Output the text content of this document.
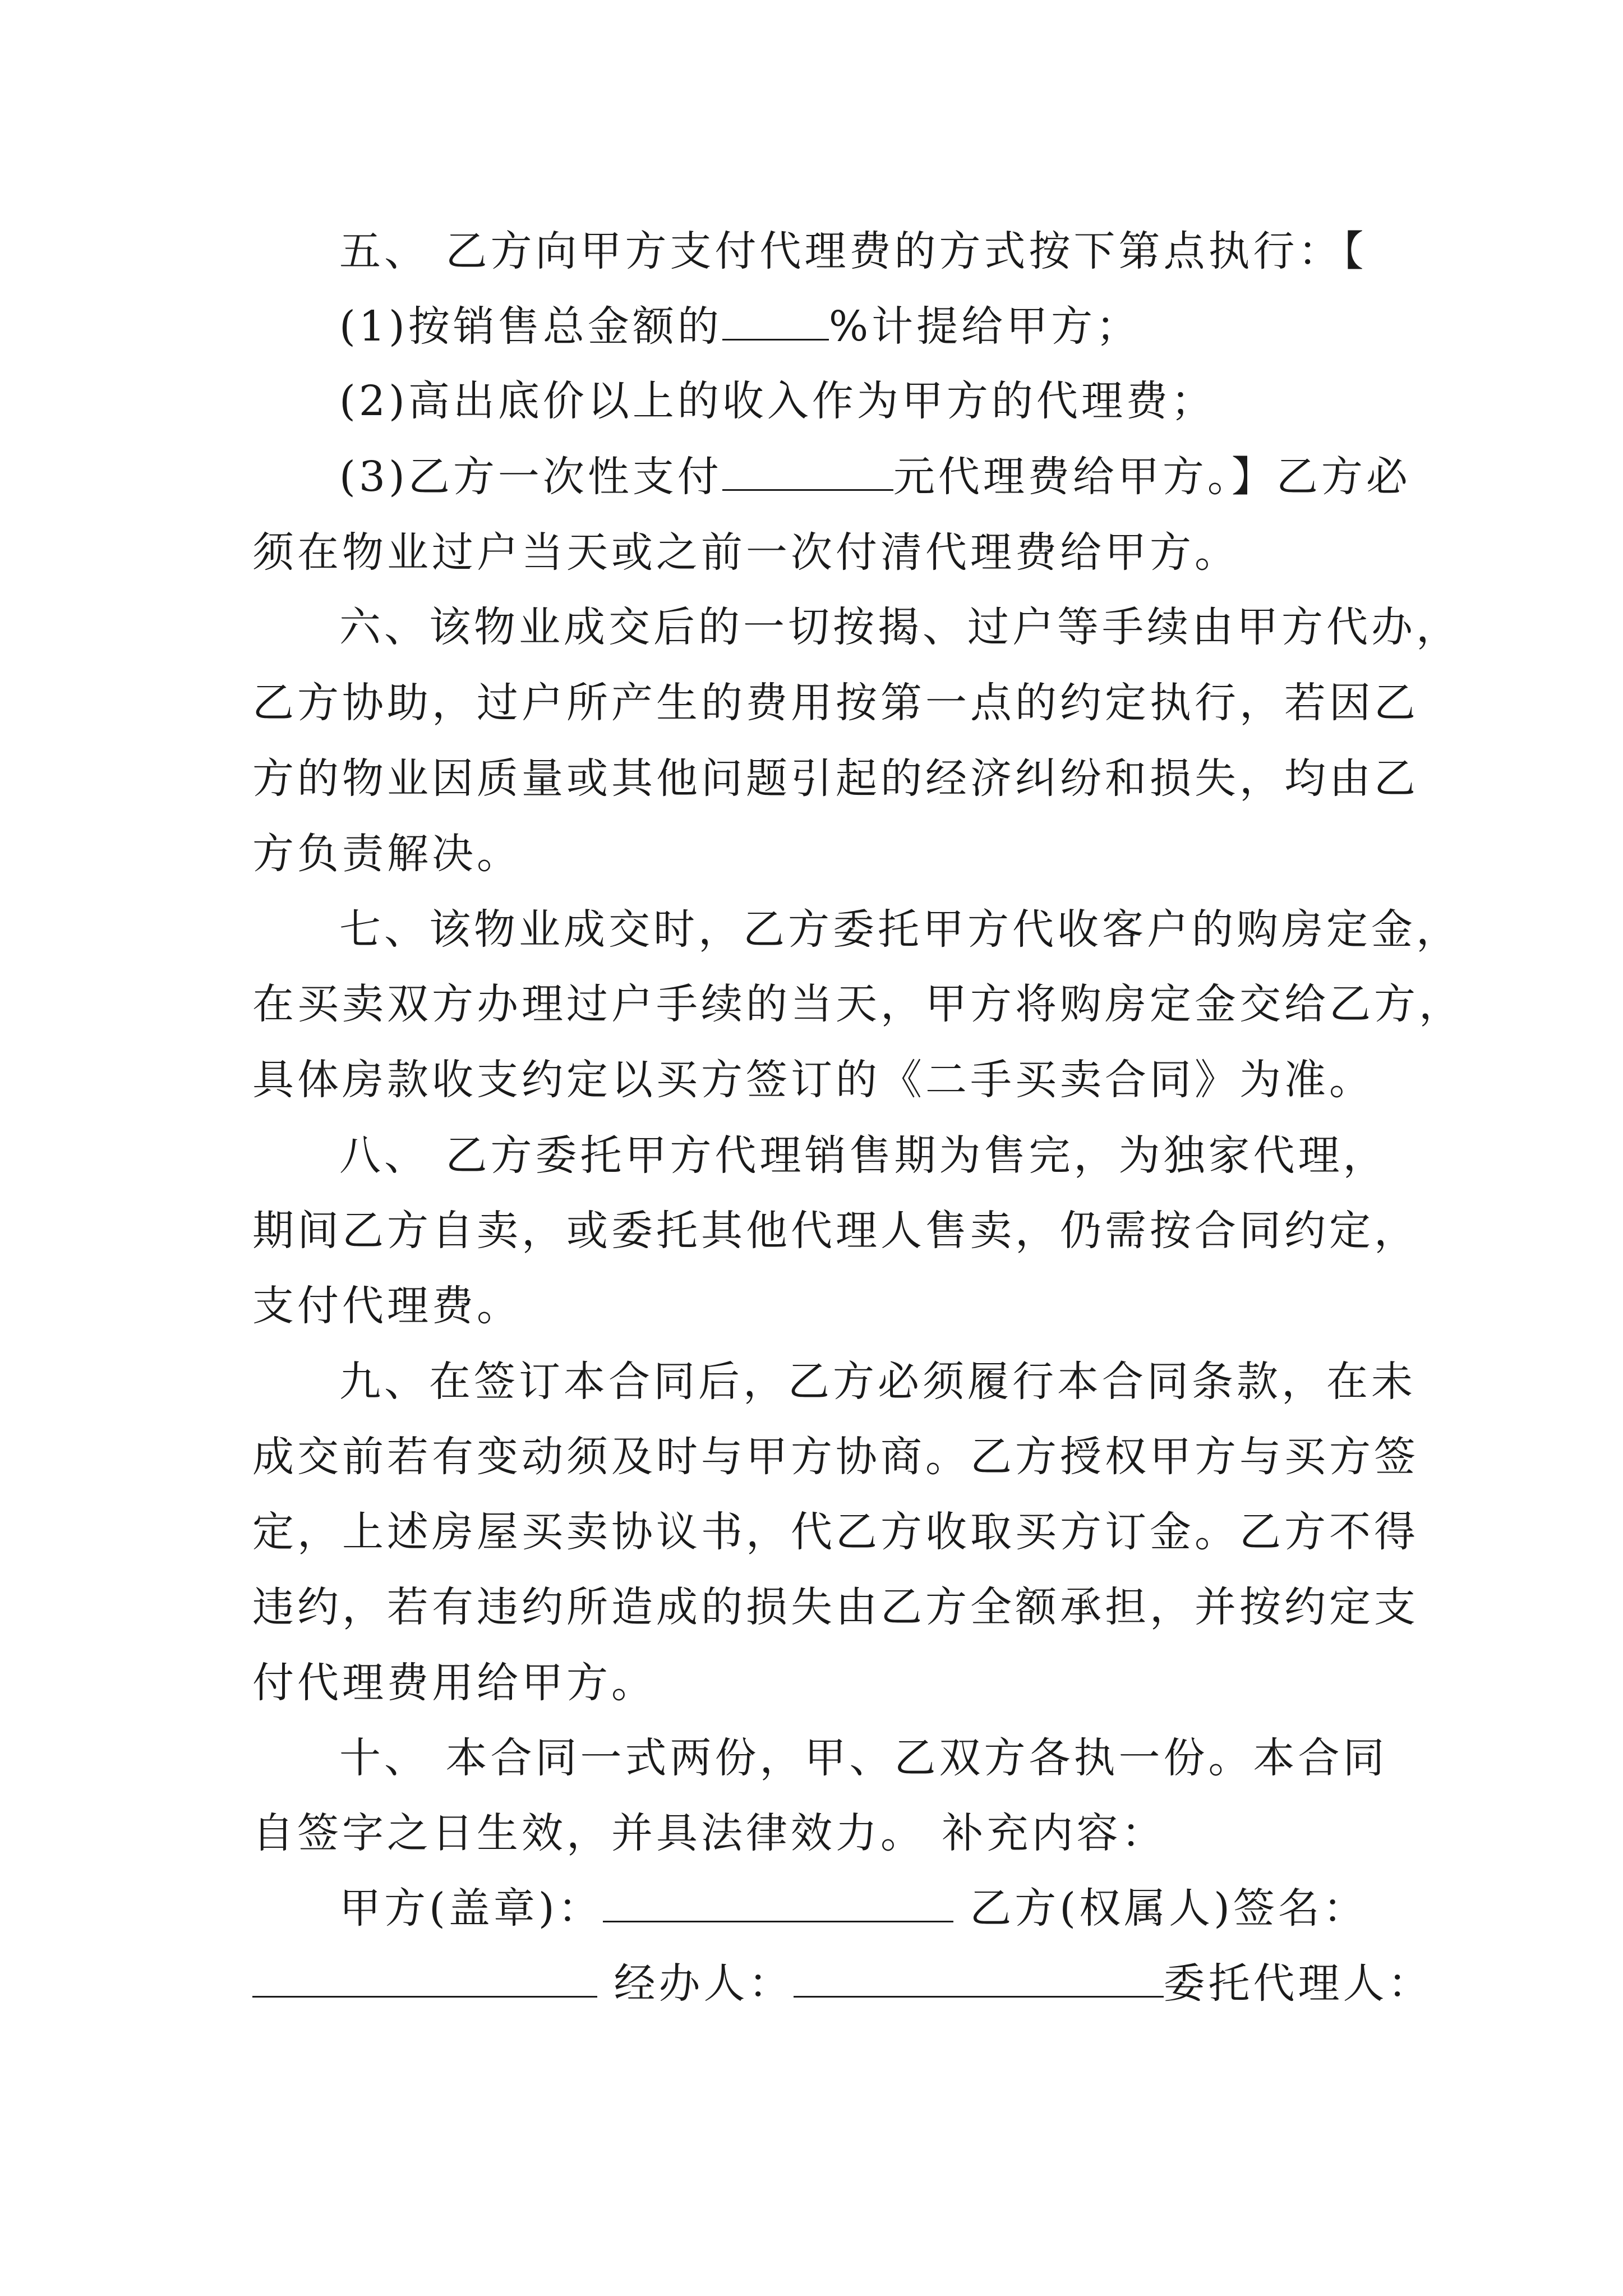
五、 乙方向甲方支付代理费的方式按下第点执行：【
(1)按销售总金额的	%计提给甲方；
(2)高出底价以上的收入作为甲方的代理费；
(3)乙方一次性支付	元代理费给甲方。】乙方必
须在物业过户当天或之前一次付清代理费给甲方。
六、该物业成交后的一切按揭、过户等手续由甲方代办，
乙方协助，过户所产生的费用按第一点的约定执行，若因乙
方的物业因质量或其他问题引起的经济纠纷和损失，均由乙
方负责解决。
七、该物业成交时，乙方委托甲方代收客户的购房定金，
在买卖双方办理过户手续的当天，甲方将购房定金交给乙方，
具体房款收支约定以买方签订的《二手买卖合同》为准。
八、 乙方委托甲方代理销售期为售完，为独家代理，
期间乙方自卖，或委托其他代理人售卖，仍需按合同约定，
支付代理费。
九、在签订本合同后，乙方必须履行本合同条款，在未
成交前若有变动须及时与甲方协商。乙方授权甲方与买方签
定，上述房屋买卖协议书，代乙方收取买方订金。乙方不得
违约，若有违约所造成的损失由乙方全额承担，并按约定支
付代理费用给甲方。
十、 本合同一式两份，甲、乙双方各执一份。本合同
自签字之日生效，并具法律效力。 补充内容：
甲方(盖章)：	乙方(权属人)签名：
经办人：	委托代理人：
